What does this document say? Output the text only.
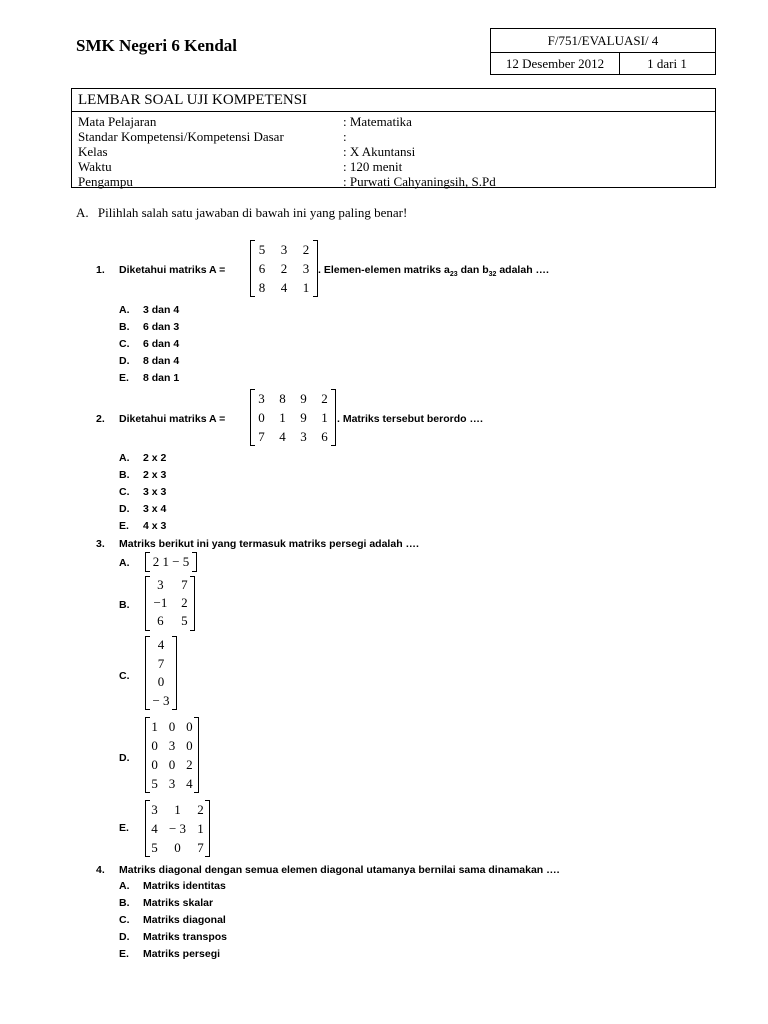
SMK Negeri 6 Kendal	F/751/EVALUASI/ 4
12 Desember 2012	1 dari 1
LEMBAR SOAL UJI KOMPETENSI
Mata Pelajaran	: Matematika
Standar Kompetensi/Kompetensi Dasar	:
Kelas	: X Akuntansi
Waktu	: 120 menit
Pengampu	: Purwati Cahyaningsih, S.Pd
A. Pilihlah salah satu jawaban di bawah ini yang paling benar!
1. Diketahui matriks A =
5	3	2
6	2	3
8	4	1
. Elemen-elemen matriks $a_{23}$ dan $b_{32}$ adalah ….
A. 3 dan 4
B. 6 dan 3
C. 6 dan 4
D. 8 dan 4
E. 8 dan 1
2. Diketahui matriks A =
3	8	9	2
0	1	9	1
7	4	3	6
. Matriks tersebut berordo ….
A. 2 x 2
B. 2 x 3
C. 3 x 3
D. 3 x 4
E. 4 x 3
3. Matriks berikut ini yang termasuk matriks persegi adalah ….
A. 2 1 − 5
B.
3	7
−1	2
6	5
C.
4
7
0
− 3
D.
1	0	0
0	3	0
0	0	2
5	3	4
E.
3	1	2
4	− 3	1
5	0	7
4. Matriks diagonal dengan semua elemen diagonal utamanya bernilai sama dinamakan ….
A. Matriks identitas
B. Matriks skalar
C. Matriks diagonal
D. Matriks transpos
E. Matriks persegi
